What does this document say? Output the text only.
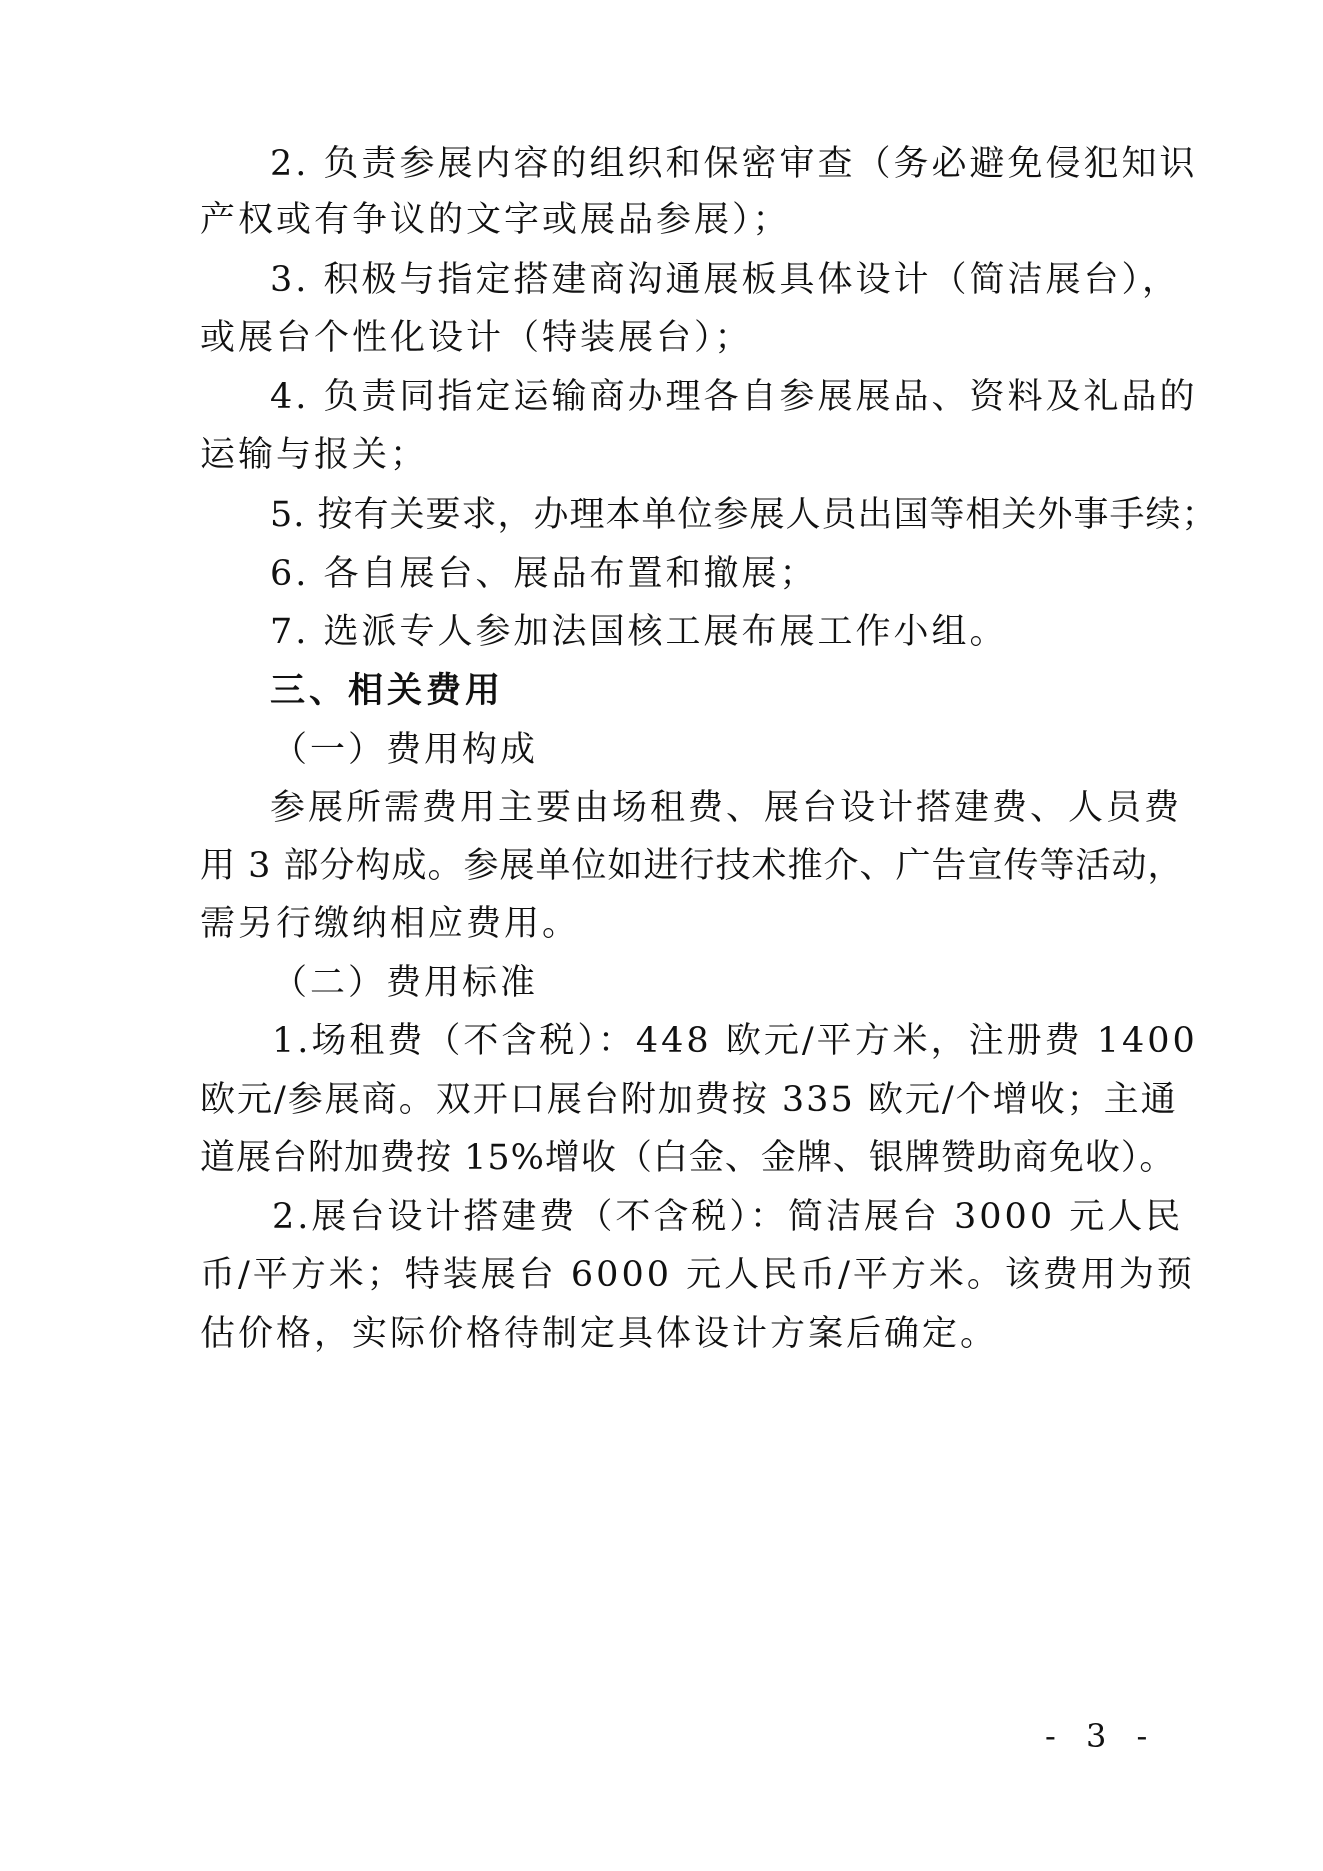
2. 负责参展内容的组织和保密审查（务必避免侵犯知识
产权或有争议的文字或展品参展）；
3. 积极与指定搭建商沟通展板具体设计（简洁展台），
或展台个性化设计（特装展台）；
4. 负责同指定运输商办理各自参展展品、资料及礼品的
运输与报关；
5. 按有关要求，办理本单位参展人员出国等相关外事手续；
6. 各自展台、展品布置和撤展；
7. 选派专人参加法国核工展布展工作小组。
三、相关费用
（一）费用构成
参展所需费用主要由场租费、展台设计搭建费、人员费
用 3 部分构成。参展单位如进行技术推介、广告宣传等活动，
需另行缴纳相应费用。
（二）费用标准
1.场租费（不含税）：448 欧元/平方米，注册费 1400
欧元/参展商。双开口展台附加费按 335 欧元/个增收；主通
道展台附加费按 15%增收（白金、金牌、银牌赞助商免收）。
2.展台设计搭建费（不含税）：简洁展台 3000 元人民
币/平方米；特装展台 6000 元人民币/平方米。该费用为预
估价格，实际价格待制定具体设计方案后确定。
- 3 -
